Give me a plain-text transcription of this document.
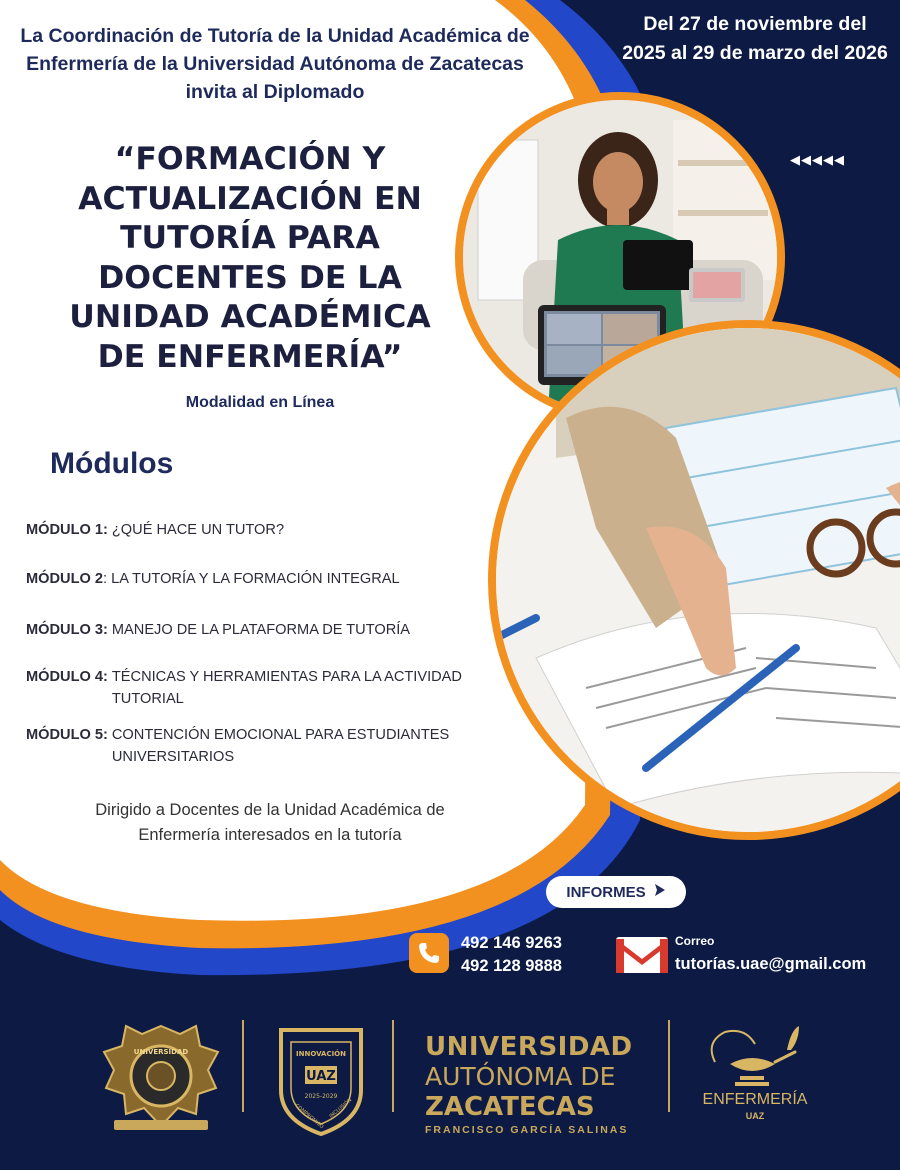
La Coordinación de Tutoría de la Unidad Académica de Enfermería de la Universidad Autónoma de Zacatecas invita al Diplomado
Del 27 de noviembre del 2025 al 29 de marzo del 2026
◀◀◀◀◀
“FORMACIÓN Y ACTUALIZACIÓN EN TUTORÍA PARA DOCENTES DE LA UNIDAD ACADÉMICA DE ENFERMERÍA”
Modalidad en Línea
Módulos
MÓDULO 1: ¿QUÉ HACE UN TUTOR?
MÓDULO 2 : LA TUTORÍA Y LA FORMACIÓN INTEGRAL
MÓDULO 3: MANEJO DE LA PLATAFORMA DE TUTORÍA
MÓDULO 4: TÉCNICAS Y HERRAMIENTAS PARA LA ACTIVIDAD TUTORIAL
MÓDULO 5: CONTENCIÓN EMOCIONAL PARA ESTUDIANTES UNIVERSITARIOS
Dirigido a Docentes de la Unidad Académica de Enfermería interesados en la tutoría
INFORMES
492 146 9263
492 128 9888
Correo
tutorías.uae@gmail.com
UNIVERSIDAD
UAZ
INNOVACIÓN
2025-2029
COMPROMISO INCLUSIÓN
UNIVERSIDAD
AUTÓNOMA DE
ZACATECAS
FRANCISCO GARCÍA SALINAS
ENFERMERÍA
UAZ
